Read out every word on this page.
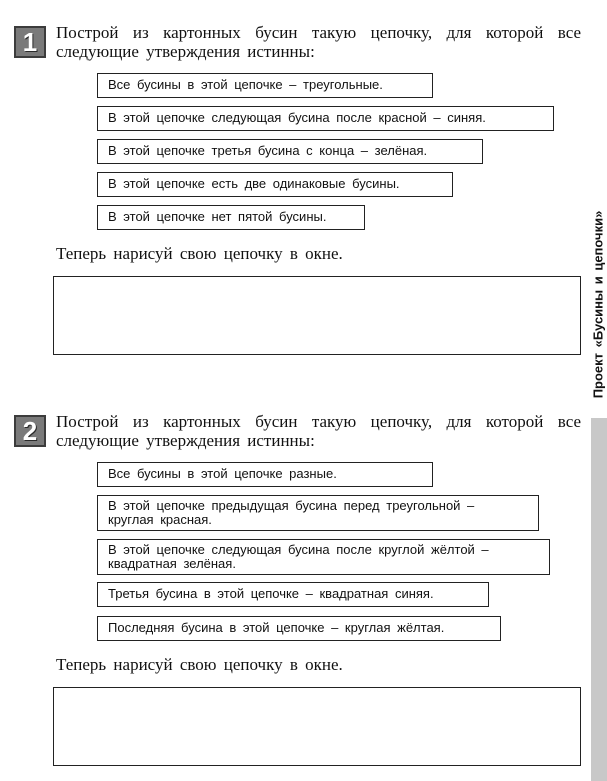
1 Построй из картонных бусин такую цепочку, для которой все следующие утверждения истинны:

Все бусины в этой цепочке – треугольные.
В этой цепочке следующая бусина после красной – синяя.
В этой цепочке третья бусина с конца – зелёная.
В этой цепочке есть две одинаковые бусины.
В этой цепочке нет пятой бусины.

Теперь нарисуй свою цепочку в окне.

2 Построй из картонных бусин такую цепочку, для которой все следующие утверждения истинны:

Все бусины в этой цепочке разные.
В этой цепочке предыдущая бусина перед треугольной –
круглая красная.
В этой цепочке следующая бусина после круглой жёлтой –
квадратная зелёная.
Третья бусина в этой цепочке – квадратная синяя.
Последняя бусина в этой цепочке – круглая жёлтая.

Теперь нарисуй свою цепочку в окне.

Проект «Бусины и цепочки»
